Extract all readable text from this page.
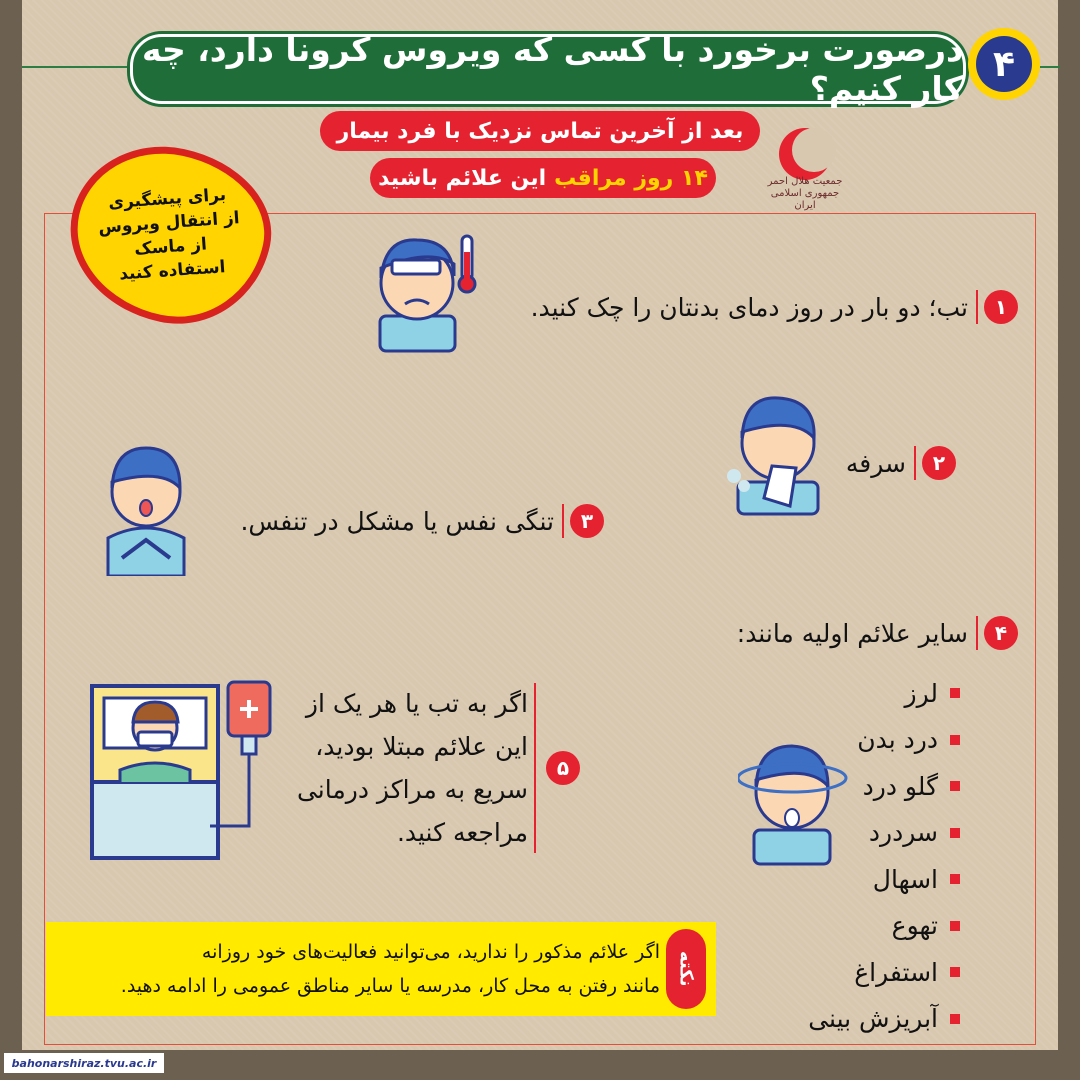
درصورت برخورد با کسی که ویروس کرونا دارد، چه کار کنیم؟
۴
بعد از آخرین تماس نزدیک با فرد بیمار
۱۴ روز مراقب
این علائم باشید	جمعیت هلال احمر
جمهوری اسلامی ایران
برای پیشگیری
از انتقال ویروس
از ماسک
استفاده کنید
۱
تب؛ دو بار در روز دمای بدنتان را چک کنید.
۲
سرفه
۳
تنگی نفس یا مشکل در تنفس.
۴
سایر علائم اولیه مانند:
لرز
درد بدن
گلو درد
سردرد
اسهال
تهوع
استفراغ
آبریزش بینی
۵
اگر به تب یا هر یک از
این علائم مبتلا بودید،
سریع به مراکز درمانی
مراجعه کنید.
نکته
اگر علائم مذکور را ندارید، می‌توانید فعالیت‌های خود روزانه
مانند رفتن به محل کار، مدرسه یا سایر مناطق عمومی را ادامه دهید.
bahonarshiraz.tvu.ac.ir
